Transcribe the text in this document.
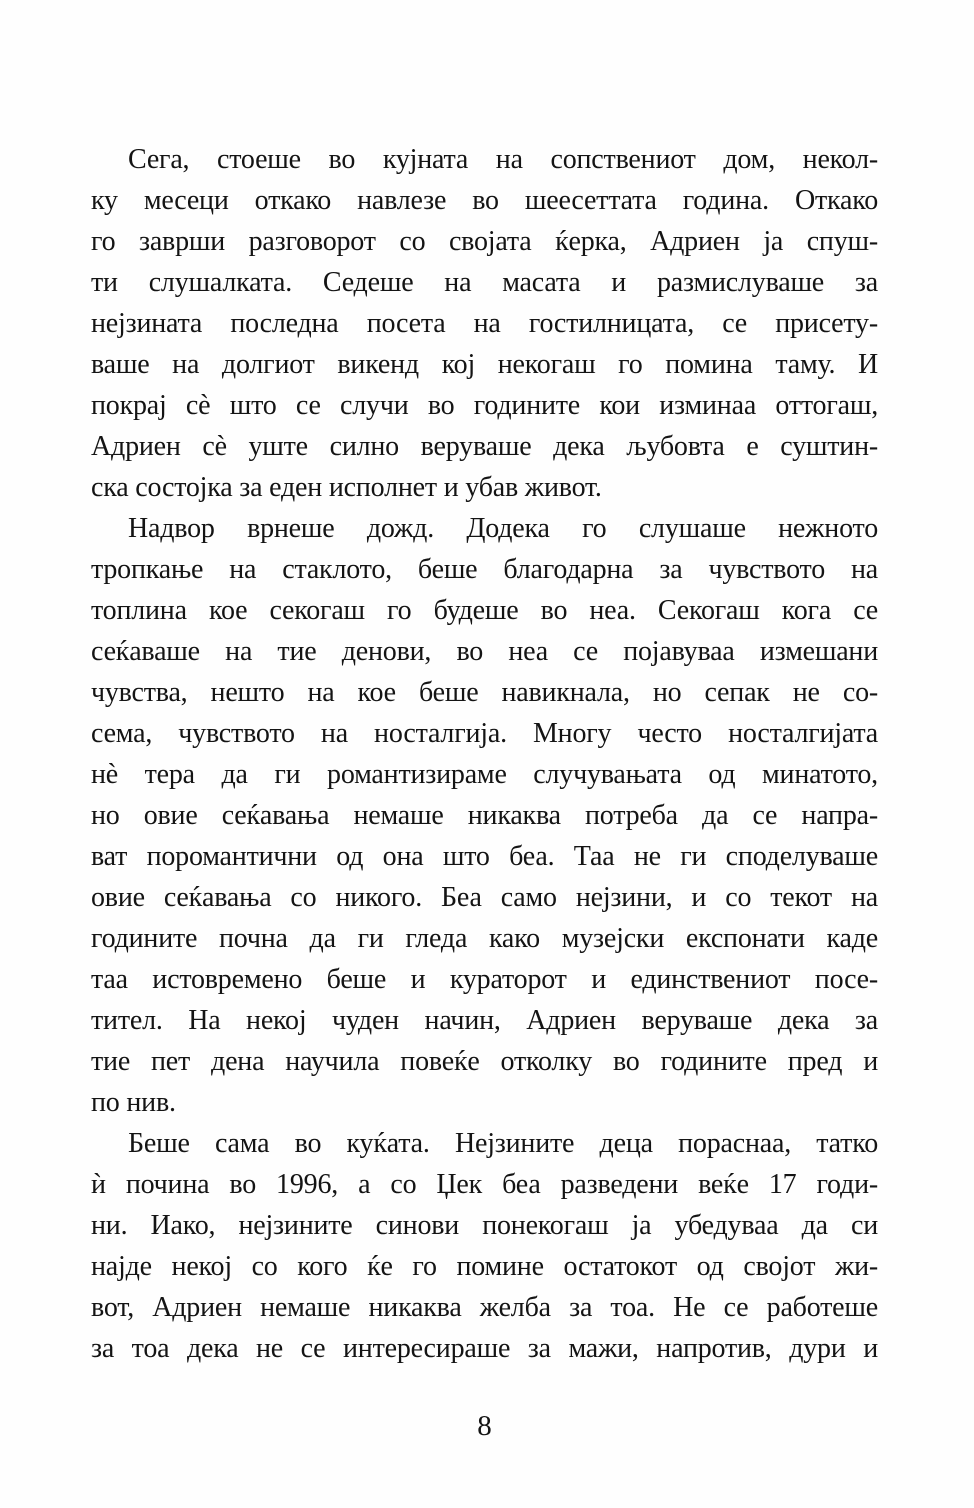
Сега, стоеше во кујната на сопствениот дом, некол-
ку месеци откако навлезе во шеесеттата година. Откако
го заврши разговорот со својата ќерка, Адриен ја спуш-
ти слушалката. Седеше на масата и размислуваше за
нејзината последна посета на гостилницата, се присету-
ваше на долгиот викенд кој некогаш го помина таму. И
покрај сè што се случи во годините кои изминаа оттогаш,
Адриен сè уште силно веруваше дека љубовта е суштин-
ска состојка за еден исполнет и убав живот.
Надвор врнеше дожд. Додека го слушаше нежното
тропкање на стаклото, беше благодарна за чувството на
топлина кое секогаш го будеше во неа. Секогаш кога се
сеќаваше на тие денови, во неа се појавуваа измешани
чувства, нешто на кое беше навикнала, но сепак не со-
сема, чувството на носталгија. Многу често носталгијата
нè тера да ги романтизираме случувањата од минатото,
но овие сеќавања немаше никаква потреба да се напра-
ват поромантични од она што беа. Таа не ги споделуваше
овие сеќавања со никого. Беа само нејзини, и со текот на
годините почна да ги гледа како музејски експонати каде
таа истовремено беше и кураторот и единствениот посе-
тител. На некој чуден начин, Адриен веруваше дека за
тие пет дена научила повеќе отколку во годините пред и
по нив.
Беше сама во куќата. Нејзините деца пораснаа, татко
ѝ почина во 1996, а со Џек беа разведени веќе 17 годи-
ни. Иако, нејзините синови понекогаш ја убедуваа да си
најде некој со кого ќе го помине остатокот од својот жи-
вот, Адриен немаше никаква желба за тоа. Не се работеше
за тоа дека не се интересираше за мажи, напротив, дури и
8
